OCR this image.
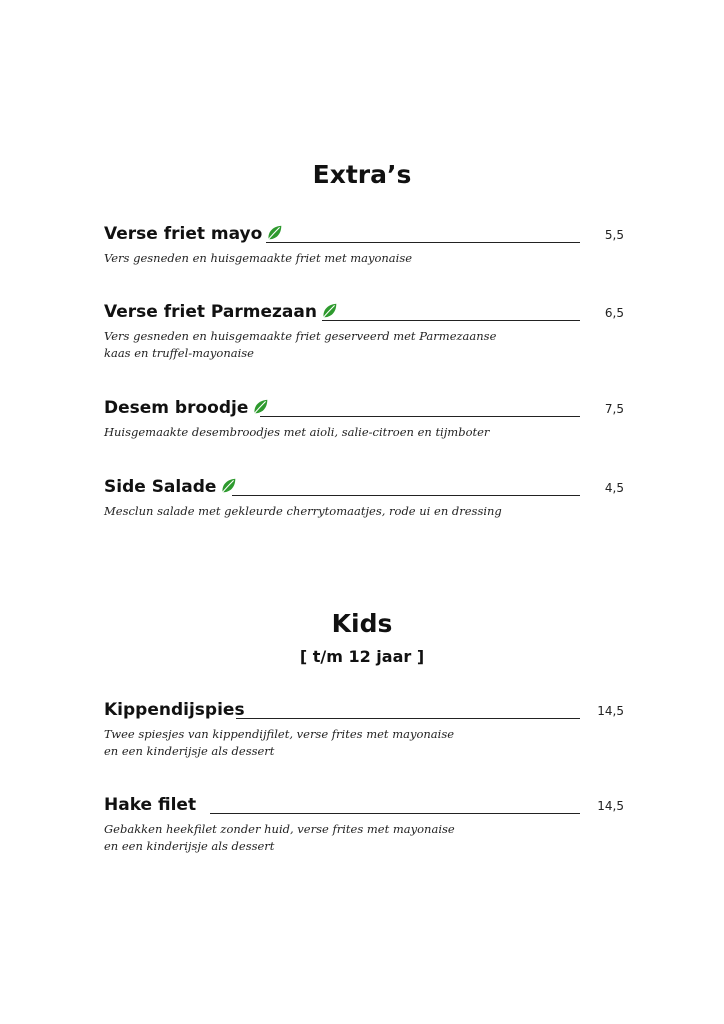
Extra’s
Verse friet mayo	5,5
Vers gesneden en huisgemaakte friet met mayonaise
Verse friet Parmezaan	6,5
Vers gesneden en huisgemaakte friet geserveerd met Parmezaanse
kaas en truffel-mayonaise
Desem broodje	7,5
Huisgemaakte desembroodjes met aioli, salie-citroen en tijmboter
Side Salade	4,5
Mesclun salade met gekleurde cherrytomaatjes, rode ui en dressing
Kids
[ t/m 12 jaar ]
Kippendijspies	14,5
Twee spiesjes van kippendijfilet, verse frites met mayonaise
en een kinderijsje als dessert
Hake filet	14,5
Gebakken heekfilet zonder huid, verse frites met mayonaise
en een kinderijsje als dessert
